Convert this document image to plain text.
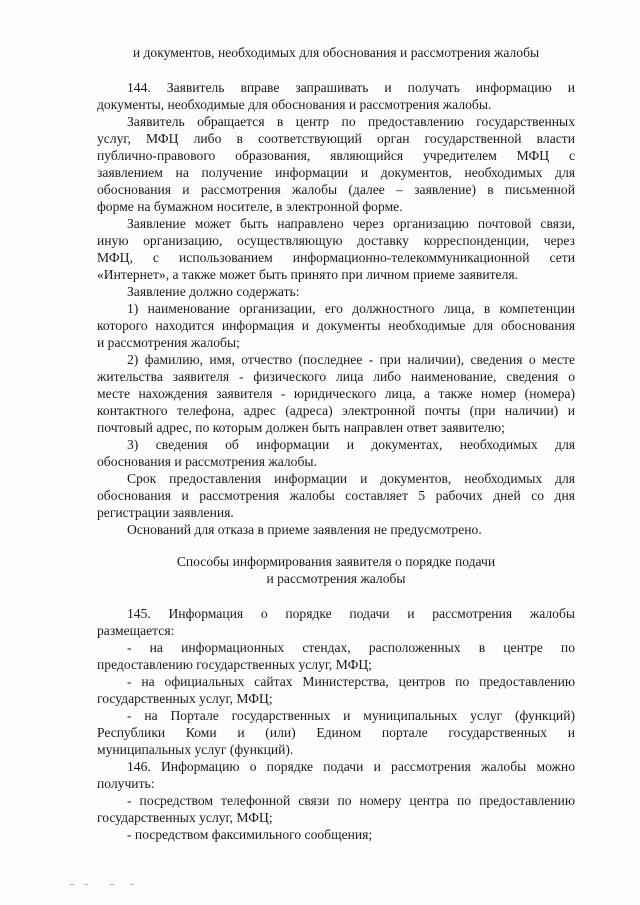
и документов, необходимых для обоснования и рассмотрения жалобы
144. Заявитель вправе запрашивать и получать информацию и
документы, необходимые для обоснования и рассмотрения жалобы.
Заявитель обращается в центр по предоставлению государственных
услуг, МФЦ либо в соответствующий орган государственной власти
публично-правового образования, являющийся учредителем МФЦ с
заявлением на получение информации и документов, необходимых для
обоснования и рассмотрения жалобы (далее – заявление) в письменной
форме на бумажном носителе, в электронной форме.
Заявление может быть направлено через организацию почтовой связи,
иную организацию, осуществляющую доставку корреспонденции, через
МФЦ, с использованием информационно-телекоммуникационной сети
«Интернет», а также может быть принято при личном приеме заявителя.
Заявление должно содержать:
1) наименование организации, его должностного лица, в компетенции
которого находится информация и документы необходимые для обоснования
и рассмотрения жалобы;
2) фамилию, имя, отчество (последнее - при наличии), сведения о месте
жительства заявителя - физического лица либо наименование, сведения о
месте нахождения заявителя - юридического лица, а также номер (номера)
контактного телефона, адрес (адреса) электронной почты (при наличии) и
почтовый адрес, по которым должен быть направлен ответ заявителю;
3) сведения об информации и документах, необходимых для
обоснования и рассмотрения жалобы.
Срок предоставления информации и документов, необходимых для
обоснования и рассмотрения жалобы составляет 5 рабочих дней со дня
регистрации заявления.
Оснований для отказа в приеме заявления не предусмотрено.
Способы информирования заявителя о порядке подачи
и рассмотрения жалобы
145. Информация о порядке подачи и рассмотрения жалобы
размещается:
- на информационных стендах, расположенных в центре по
предоставлению государственных услуг, МФЦ;
- на официальных сайтах Министерства, центров по предоставлению
государственных услуг, МФЦ;
- на Портале государственных и муниципальных услуг (функций)
Республики Коми и (или) Едином портале государственных и
муниципальных услуг (функций).
146. Информацию о порядке подачи и рассмотрения жалобы можно
получить:
- посредством телефонной связи по номеру центра по предоставлению
государственных услуг, МФЦ;
- посредством факсимильного сообщения;
